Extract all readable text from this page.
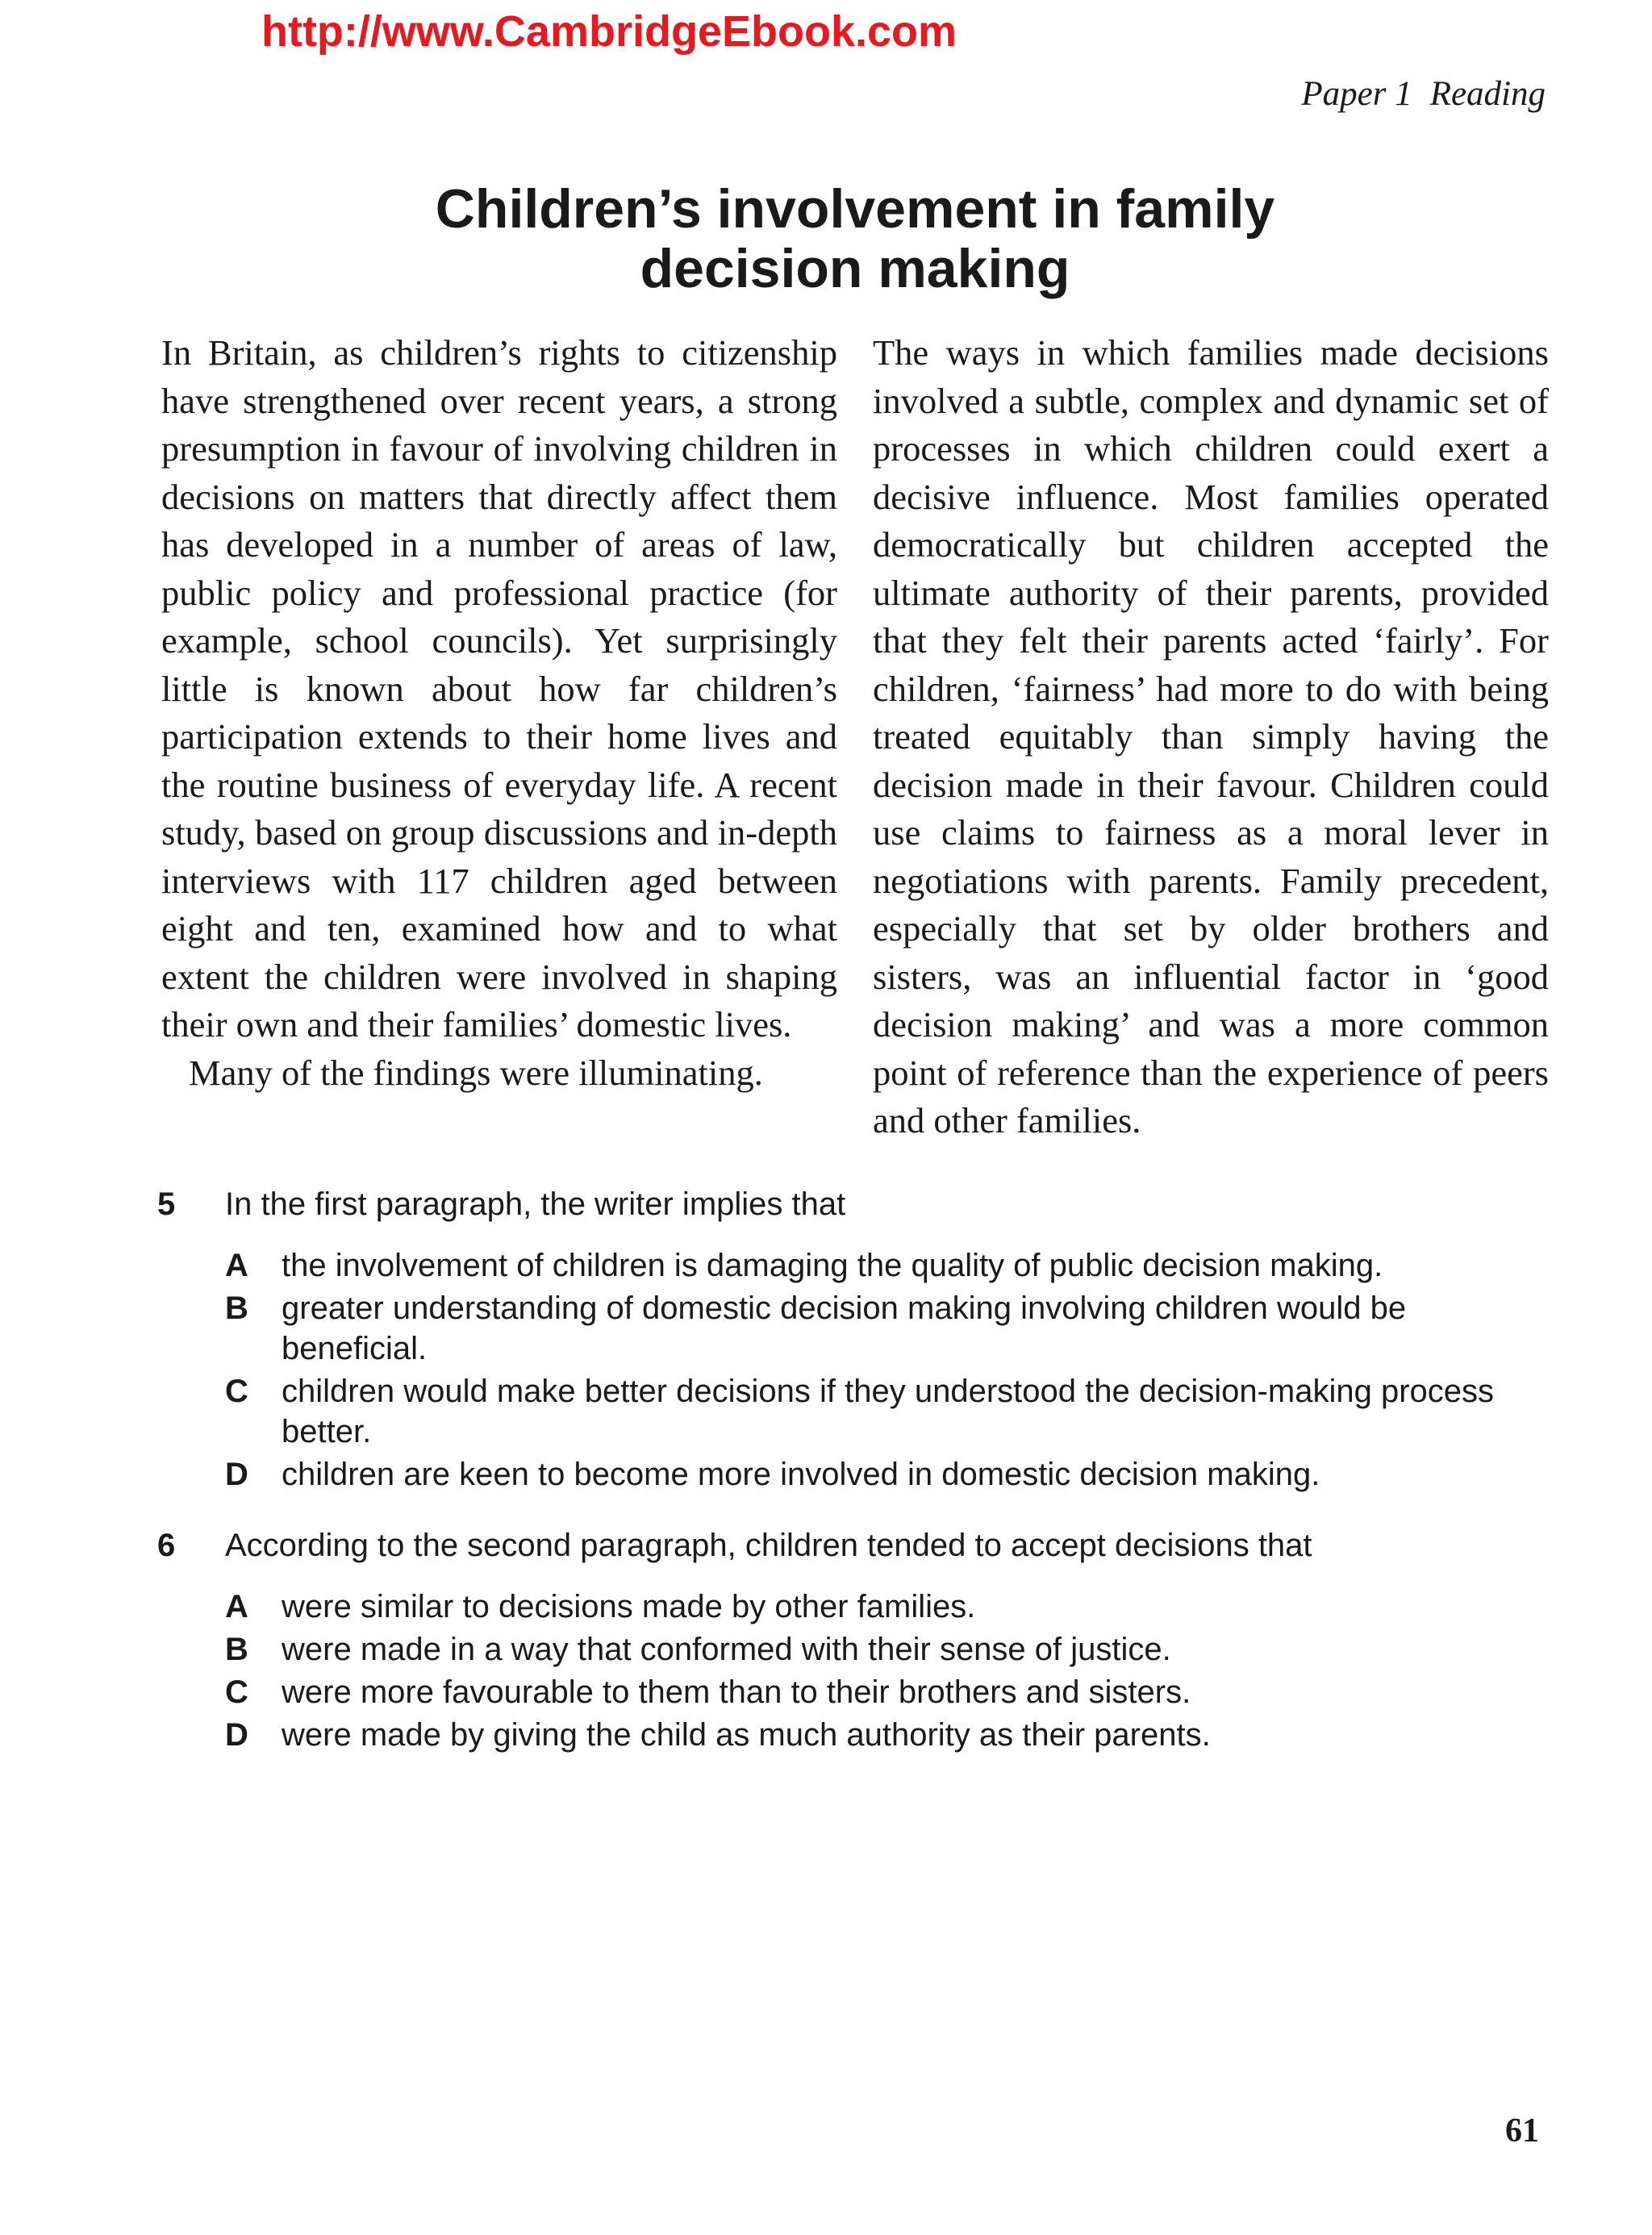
http://www.CambridgeEbook.com
Paper 1 Reading
Children’s involvement in family
decision making

In Britain, as children’s rights to citizenship have strengthened over recent years, a strong presumption in favour of involving children in decisions on matters that directly affect them has developed in a number of areas of law, public policy and professional practice (for example, school councils). Yet surprisingly little is known about how far children’s participation extends to their home lives and the routine business of everyday life. A recent study, based on group discussions and in-depth interviews with 117 children aged between eight and ten, examined how and to what extent the children were involved in shaping their own and their families’ domestic lives.

Many of the findings were illuminating.

The ways in which families made decisions involved a subtle, complex and dynamic set of processes in which children could exert a decisive influence. Most families operated democratically but children accepted the ultimate authority of their parents, provided that they felt their parents acted ‘fairly’. For children, ‘fairness’ had more to do with being treated equitably than simply having the decision made in their favour. Children could use claims to fairness as a moral lever in negotiations with parents. Family precedent, especially that set by older brothers and sisters, was an influential factor in ‘good decision making’ and was a more common point of reference than the experience of peers and other families.

5	In the first paragraph, the writer implies that
A the involvement of children is damaging the quality of public decision making.
B greater understanding of domestic decision making involving children would be beneficial.
C children would make better decisions if they understood the decision-making process better.
D children are keen to become more involved in domestic decision making.
6	According to the second paragraph, children tended to accept decisions that
A were similar to decisions made by other families.
B were made in a way that conformed with their sense of justice.
C were more favourable to them than to their brothers and sisters.
D were made by giving the child as much authority as their parents.
61
